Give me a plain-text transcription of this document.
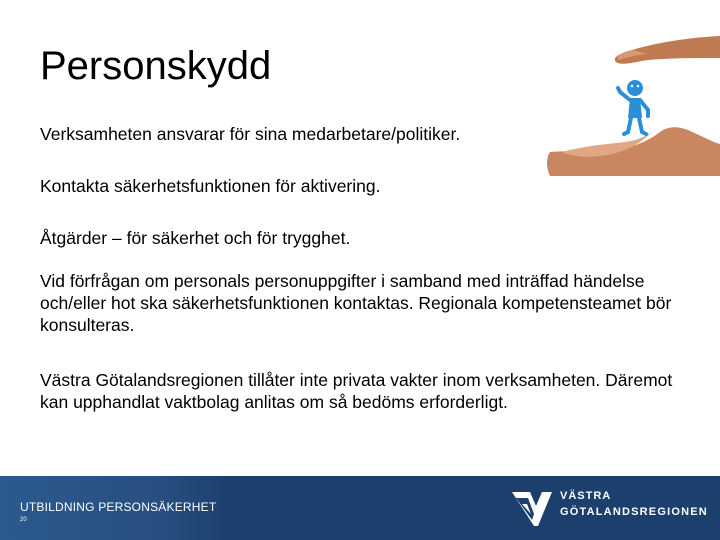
Personskydd

Verksamheten ansvarar för sina medarbetare/politiker.

Kontakta säkerhetsfunktionen för aktivering.

Åtgärder – för säkerhet och för trygghet.

Vid förfrågan om personals personuppgifter i samband med inträffad händelse och/eller hot ska säkerhetsfunktionen kontaktas. Regionala kompetensteamet bör konsulteras.

Västra Götalandsregionen tillåter inte privata vakter inom verksamheten. Däremot kan upphandlat vaktbolag anlitas om så bedöms erforderligt.

UTBILDNING PERSONSÄKERHET
20
VÄSTRA
GÖTALANDSREGIONEN
